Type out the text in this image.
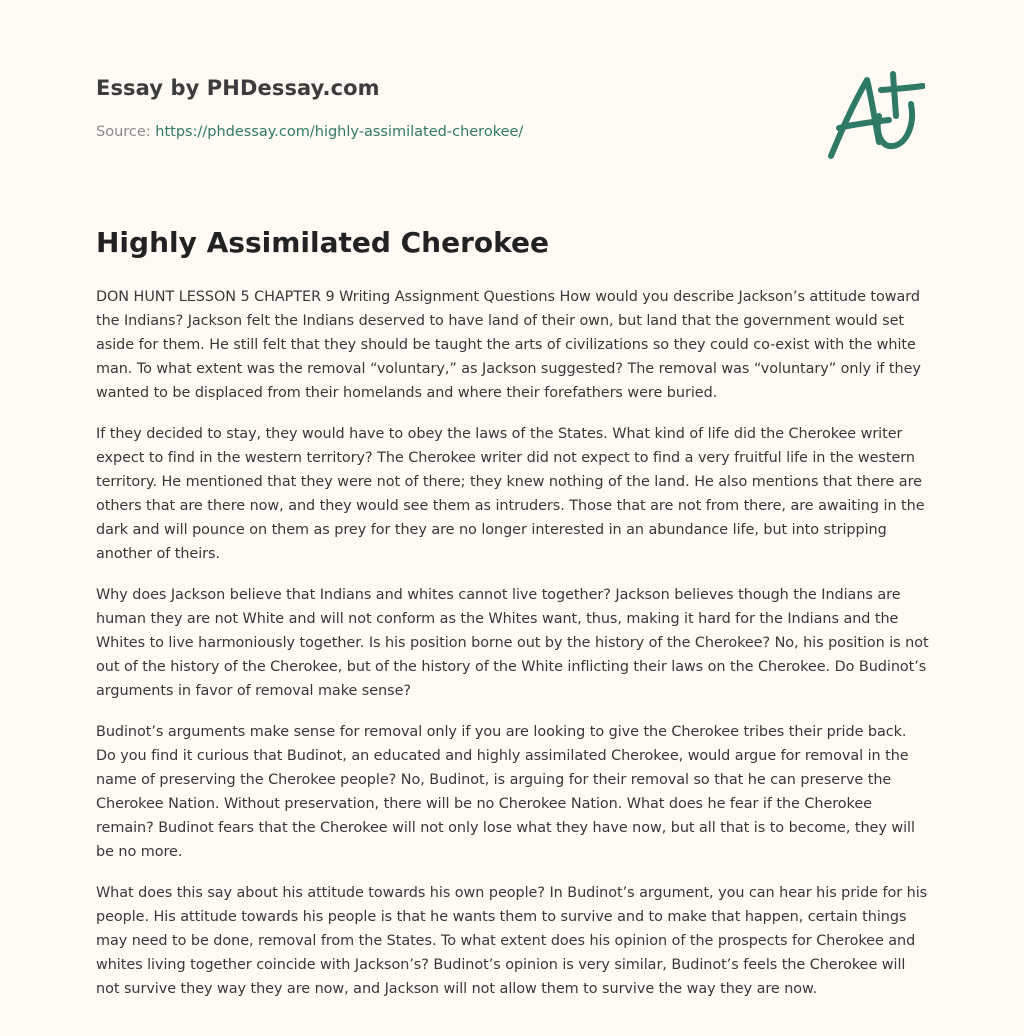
Essay by PHDessay.com
Source: https://phdessay.com/highly-assimilated-cherokee/
Highly Assimilated Cherokee

DON HUNT LESSON 5 CHAPTER 9 Writing Assignment Questions How would you describe Jackson’s attitude toward the Indians? Jackson felt the Indians deserved to have land of their own, but land that the government would set aside for them. He still felt that they should be taught the arts of civilizations so they could co-exist with the white man. To what extent was the removal “voluntary,” as Jackson suggested? The removal was “voluntary” only if they wanted to be displaced from their homelands and where their forefathers were buried.

If they decided to stay, they would have to obey the laws of the States. What kind of life did the Cherokee writer expect to find in the western territory? The Cherokee writer did not expect to find a very fruitful life in the western territory. He mentioned that they were not of there; they knew nothing of the land. He also mentions that there are others that are there now, and they would see them as intruders. Those that are not from there, are awaiting in the dark and will pounce on them as prey for they are no longer interested in an abundance life, but into stripping another of theirs.

Why does Jackson believe that Indians and whites cannot live together? Jackson believes though the Indians are human they are not White and will not conform as the Whites want, thus, making it hard for the Indians and the Whites to live harmoniously together. Is his position borne out by the history of the Cherokee? No, his position is not out of the history of the Cherokee, but of the history of the White inflicting their laws on the Cherokee. Do Budinot’s arguments in favor of removal make sense?

Budinot’s arguments make sense for removal only if you are looking to give the Cherokee tribes their pride back. Do you find it curious that Budinot, an educated and highly assimilated Cherokee, would argue for removal in the name of preserving the Cherokee people? No, Budinot, is arguing for their removal so that he can preserve the Cherokee Nation. Without preservation, there will be no Cherokee Nation. What does he fear if the Cherokee remain? Budinot fears that the Cherokee will not only lose what they have now, but all that is to become, they will be no more.

What does this say about his attitude towards his own people? In Budinot’s argument, you can hear his pride for his people. His attitude towards his people is that he wants them to survive and to make that happen, certain things may need to be done, removal from the States. To what extent does his opinion of the prospects for Cherokee and whites living together coincide with Jackson’s? Budinot’s opinion is very similar, Budinot’s feels the Cherokee will not survive they way they are now, and Jackson will not allow them to survive the way they are now.
